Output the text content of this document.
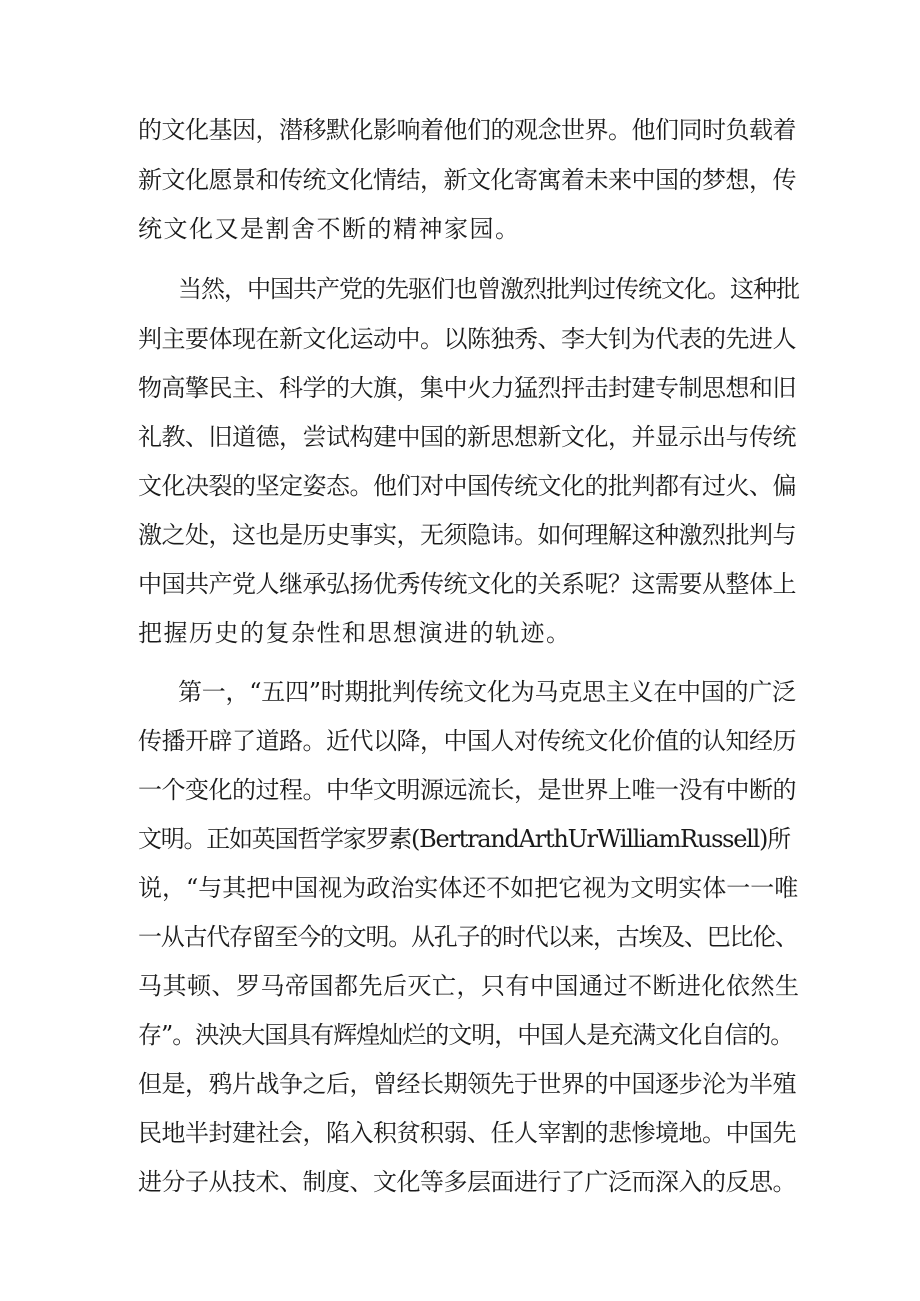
的文化基因，潜移默化影响着他们的观念世界。他们同时负载着
新文化愿景和传统文化情结，新文化寄寓着未来中国的梦想，传
统文化又是割舍不断的精神家园。
当然，中国共产党的先驱们也曾激烈批判过传统文化。这种批
判主要体现在新文化运动中。以陈独秀、李大钊为代表的先进人
物高擎民主、科学的大旗，集中火力猛烈抨击封建专制思想和旧
礼教、旧道德，尝试构建中国的新思想新文化，并显示出与传统
文化决裂的坚定姿态。他们对中国传统文化的批判都有过火、偏
激之处，这也是历史事实，无须隐讳。如何理解这种激烈批判与
中国共产党人继承弘扬优秀传统文化的关系呢？这需要从整体上
把握历史的复杂性和思想演进的轨迹。
第一，“五四”时期批判传统文化为马克思主义在中国的广泛
传播开辟了道路。近代以降，中国人对传统文化价值的认知经历
一个变化的过程。中华文明源远流长，是世界上唯一没有中断的
文明。正如英国哲学家罗素(BertrandArthUrWilliamRussell)所
说，“与其把中国视为政治实体还不如把它视为文明实体一一唯
一从古代存留至今的文明。从孔子的时代以来，古埃及、巴比伦、
马其顿、罗马帝国都先后灭亡，只有中国通过不断进化依然生
存”。泱泱大国具有辉煌灿烂的文明，中国人是充满文化自信的。
但是，鸦片战争之后，曾经长期领先于世界的中国逐步沦为半殖
民地半封建社会，陷入积贫积弱、任人宰割的悲惨境地。中国先
进分子从技术、制度、文化等多层面进行了广泛而深入的反思。
